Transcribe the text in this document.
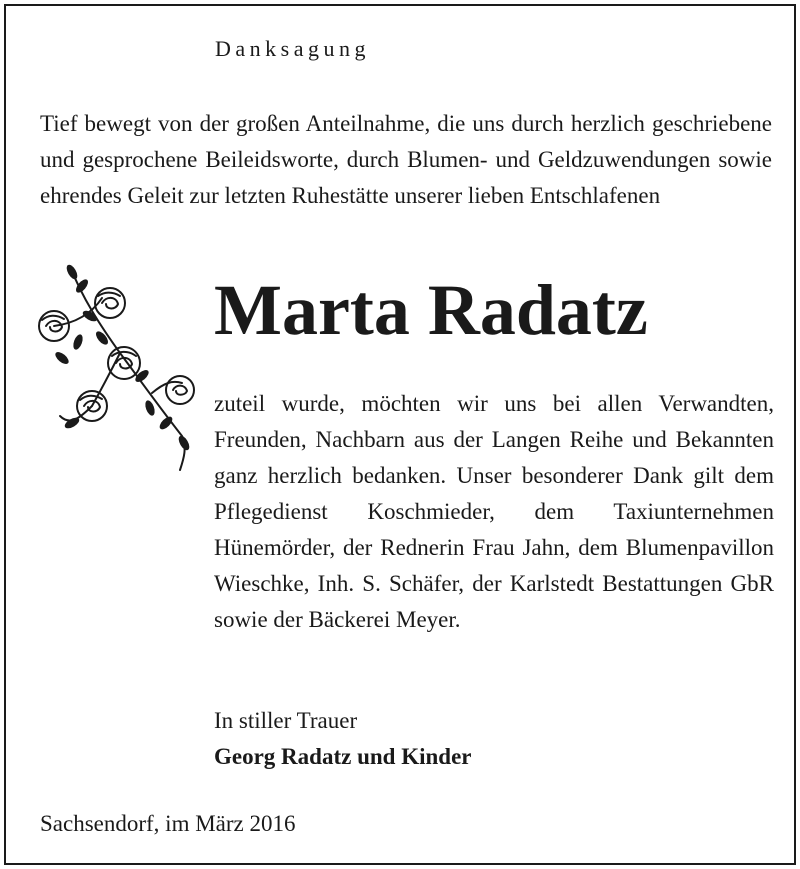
Danksagung

Tief bewegt von der großen Anteilnahme, die uns durch herzlich geschriebene und gesprochene Beileidsworte, durch Blumen- und Geldzuwendungen sowie ehrendes Geleit zur letzten Ruhestätte unserer lieben Entschlafenen

Marta Radatz

zuteil wurde, möchten wir uns bei allen Verwandten, Freunden, Nachbarn aus der Langen Reihe und Bekannten ganz herzlich bedanken. Unser besonderer Dank gilt dem Pflegedienst Koschmieder, dem Taxiunternehmen Hünemörder, der Rednerin Frau Jahn, dem Blumenpavillon Wieschke, Inh. S. Schäfer, der Karlstedt Bestattungen GbR sowie der Bäckerei Meyer.

In stiller Trauer
Georg Radatz und Kinder
Sachsendorf, im März 2016
